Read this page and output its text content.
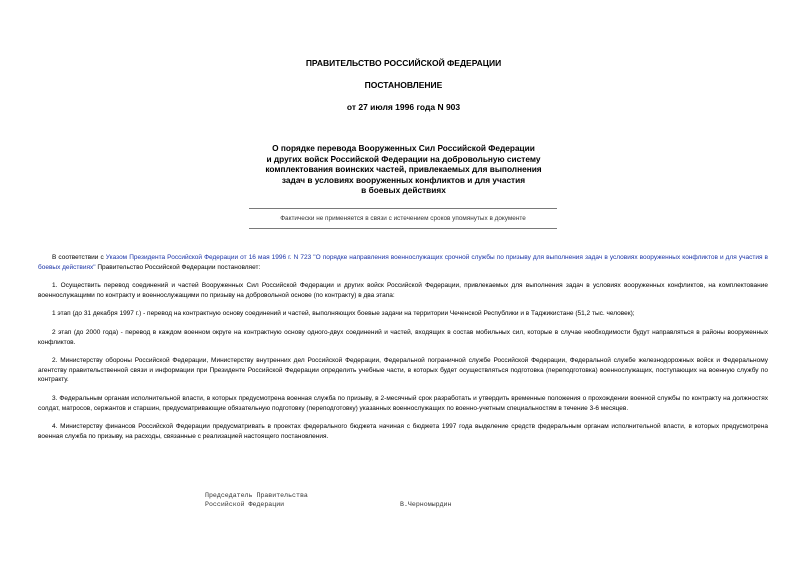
ПРАВИТЕЛЬСТВО РОССИЙСКОЙ ФЕДЕРАЦИИ
ПОСТАНОВЛЕНИЕ
от 27 июля 1996 года N 903
О порядке перевода Вооруженных Сил Российской Федерации
и других войск Российской Федерации на добровольную систему
комплектования воинских частей, привлекаемых для выполнения
задач в условиях вооруженных конфликтов и для участия
в боевых действиях
Фактически не применяется в связи с истечением сроков упомянутых в документе

В соответствии с Указом Президента Российской Федерации от 16 мая 1996 г. N 723 "О порядке направления военнослужащих срочной службы по призыву для выполнения задач в условиях вооруженных конфликтов и для участия в боевых действиях" Правительство Российской Федерации постановляет:

1. Осуществить перевод соединений и частей Вооруженных Сил Российской Федерации и других войск Российской Федерации, привлекаемых для выполнения задач в условиях вооруженных конфликтов, на комплектование военнослужащими по контракту и военнослужащими по призыву на добровольной основе (по контракту) в два этапа:

1 этап (до 31 декабря 1997 г.) - перевод на контрактную основу соединений и частей, выполняющих боевые задачи на территории Чеченской Республики и в Таджикистане (51,2 тыс. человек);

2 этап (до 2000 года) - перевод в каждом военном округе на контрактную основу одного-двух соединений и частей, входящих в состав мобильных сил, которые в случае необходимости будут направляться в районы вооруженных конфликтов.

2. Министерству обороны Российской Федерации, Министерству внутренних дел Российской Федерации, Федеральной пограничной службе Российской Федерации, Федеральной службе железнодорожных войск и Федеральному агентству правительственной связи и информации при Президенте Российской Федерации определить учебные части, в которых будет осуществляться подготовка (переподготовка) военнослужащих, поступающих на военную службу по контракту.

3. Федеральным органам исполнительной власти, в которых предусмотрена военная служба по призыву, в 2-месячный срок разработать и утвердить временные положения о прохождении военной службы по контракту на должностях солдат, матросов, сержантов и старшин, предусматривающие обязательную подготовку (переподготовку) указанных военнослужащих по военно-учетным специальностям в течение 3-6 месяцев.

4. Министерству финансов Российской Федерации предусматривать в проектах федерального бюджета начиная с бюджета 1997 года выделение средств федеральным органам исполнительной власти, в которых предусмотрена военная служба по призыву, на расходы, связанные с реализацией настоящего постановления.

Председатель Правительства
Российской Федерации	В.Черномырдин
